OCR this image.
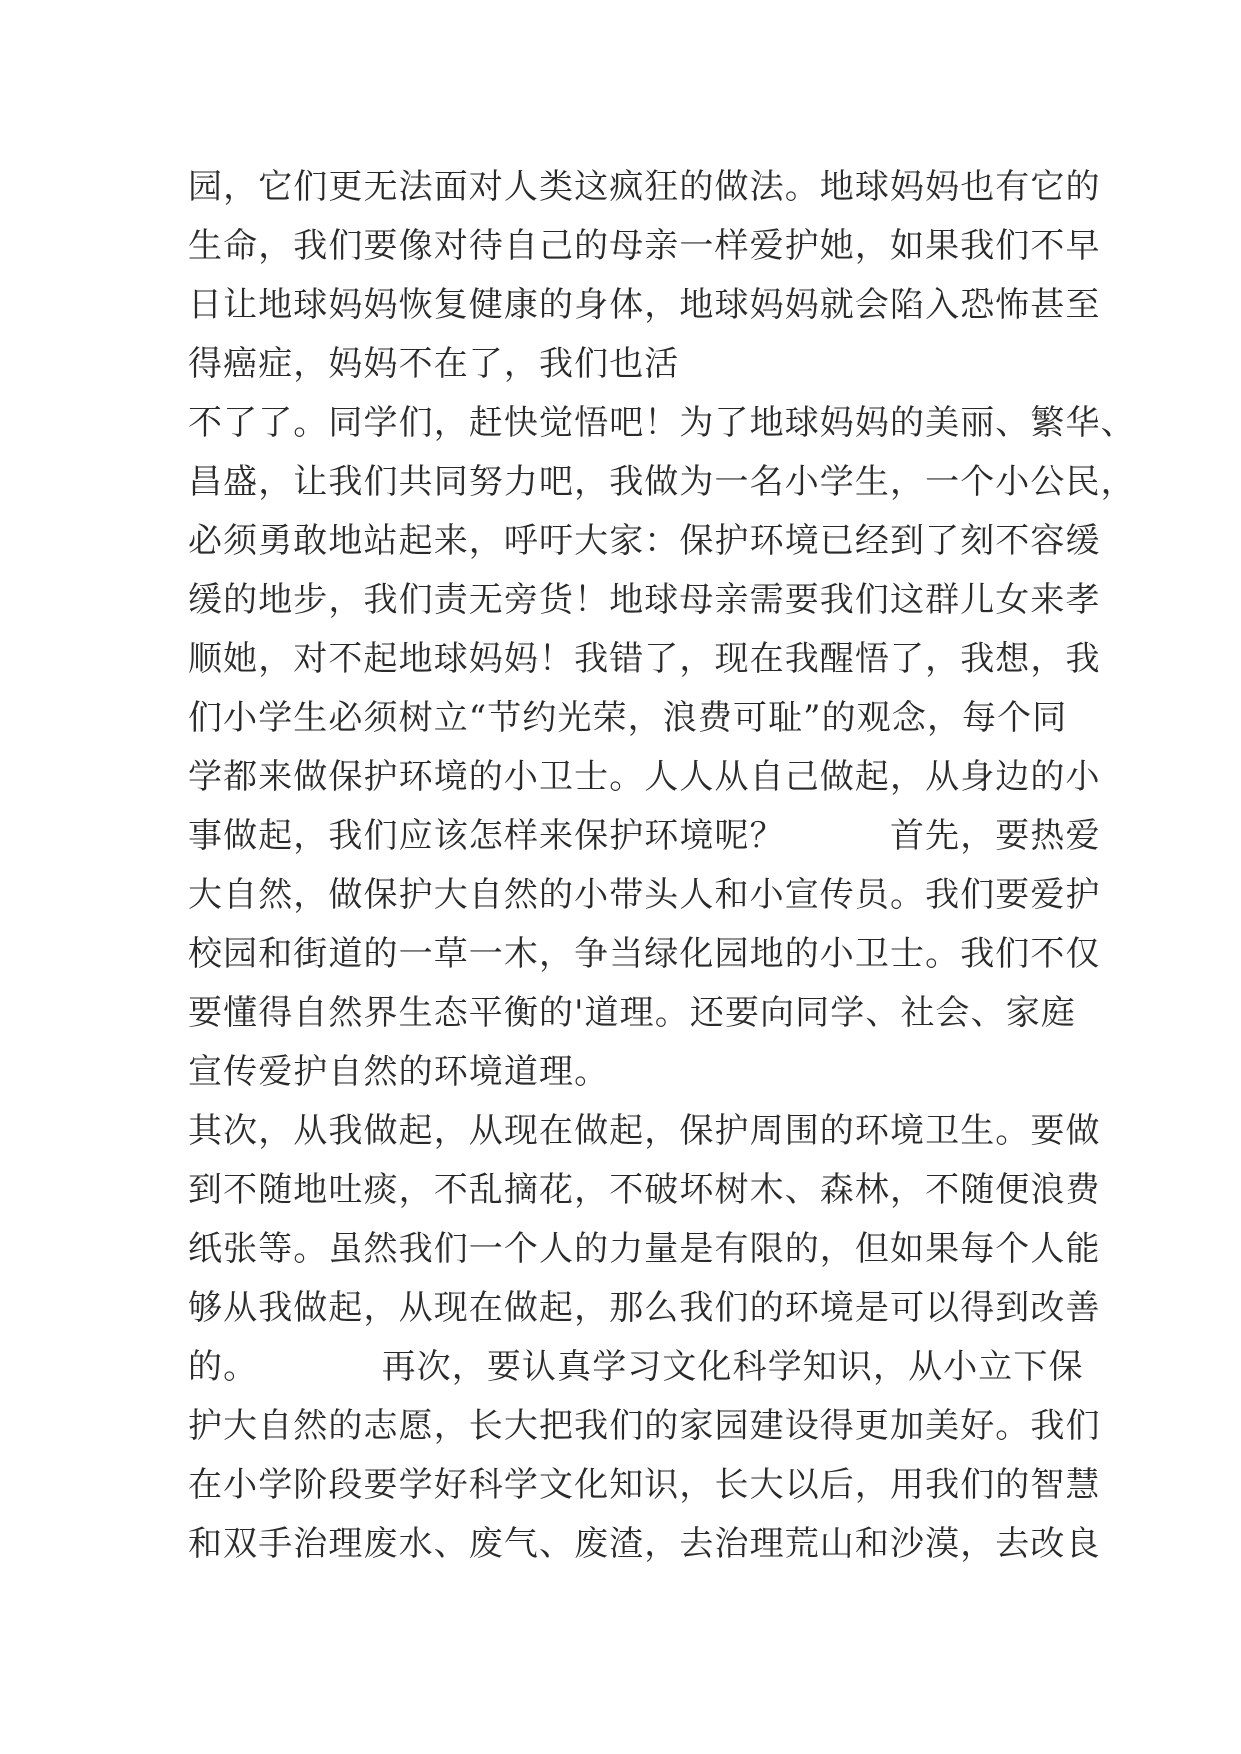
园，它们更无法面对人类这疯狂的做法。地球妈妈也有它的
生命，我们要像对待自己的母亲一样爱护她，如果我们不早
日让地球妈妈恢复健康的身体，地球妈妈就会陷入恐怖甚至
得癌症，妈妈不在了，我们也活
不了了。同学们，赶快觉悟吧！为了地球妈妈的美丽、繁华、
昌盛，让我们共同努力吧，我做为一名小学生，一个小公民，
必须勇敢地站起来，呼吁大家：保护环境已经到了刻不容缓
缓的地步，我们责无旁货！地球母亲需要我们这群儿女来孝
顺她，对不起地球妈妈！我错了，现在我醒悟了，我想，我
们小学生必须树立“节约光荣，浪费可耻”的观念，每个同
学都来做保护环境的小卫士。人人从自己做起，从身边的小
事做起，我们应该怎样来保护环境呢？　　　首先，要热爱
大自然，做保护大自然的小带头人和小宣传员。我们要爱护
校园和街道的一草一木，争当绿化园地的小卫士。我们不仅
要懂得自然界生态平衡的'道理。还要向同学、社会、家庭
宣传爱护自然的环境道理。
其次，从我做起，从现在做起，保护周围的环境卫生。要做
到不随地吐痰，不乱摘花，不破坏树木、森林，不随便浪费
纸张等。虽然我们一个人的力量是有限的，但如果每个人能
够从我做起，从现在做起，那么我们的环境是可以得到改善
的。　　　　再次，要认真学习文化科学知识，从小立下保
护大自然的志愿，长大把我们的家园建设得更加美好。我们
在小学阶段要学好科学文化知识，长大以后，用我们的智慧
和双手治理废水、废气、废渣，去治理荒山和沙漠，去改良
